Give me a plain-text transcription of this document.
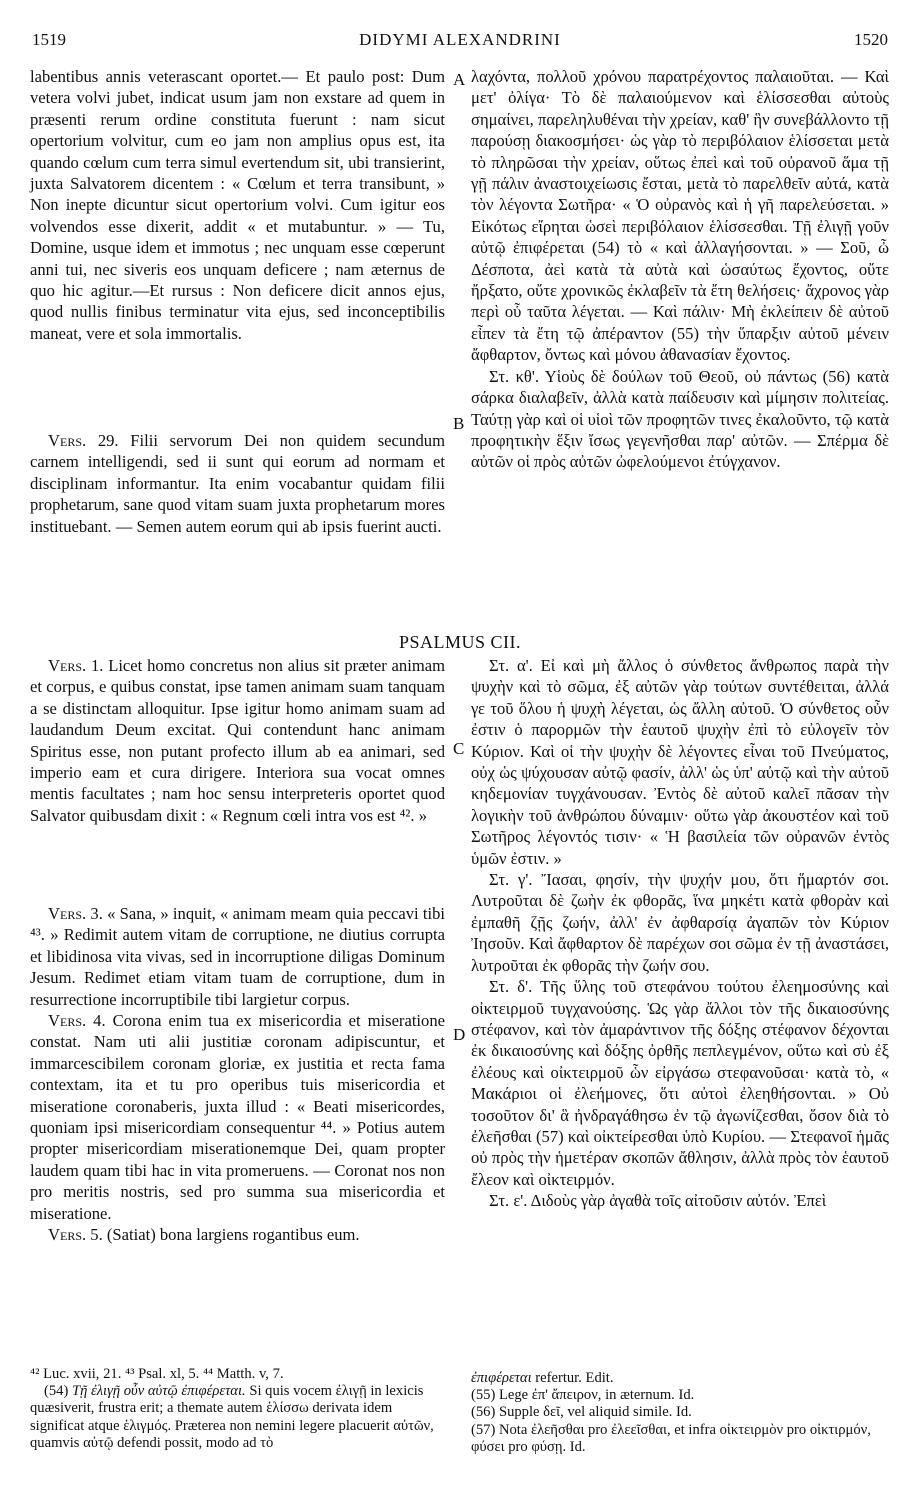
1519	DIDYMI ALEXANDRINI	1520

labentibus annis veterascant oportet.— Et paulo post: Dum vetera volvi jubet, indicat usum jam non exstare ad quem in præsenti rerum ordine constituta fuerunt : nam sicut opertorium volvitur, cum eo jam non amplius opus est, ita quando cœlum cum terra simul evertendum sit, ubi transierint, juxta Salvatorem dicentem : « Cœlum et terra transibunt, » Non inepte dicuntur sicut opertorium volvi. Cum igitur eos volvendos esse dixerit, addit « et mutabuntur. » — Tu, Domine, usque idem et immotus ; nec unquam esse cœperunt anni tui, nec siveris eos unquam deficere ; nam æternus de quo hic agitur.—Et rursus : Non deficere dicit annos ejus, quod nullis finibus terminatur vita ejus, sed inconceptibilis maneat, vere et sola immortalis.

Vers. 29. Filii servorum Dei non quidem secundum carnem intelligendi, sed ii sunt qui eorum ad normam et disciplinam informantur. Ita enim vocabantur quidam filii prophetarum, sane quod vitam suam juxta prophetarum mores instituebant. — Semen autem eorum qui ab ipsis fuerint aucti.

λαχόντα, πολλοῦ χρόνου παρατρέχοντος παλαιοῦται. — Καὶ μετ' ὀλίγα· Τὸ δὲ παλαιούμενον καὶ ἑλίσσεσθαι αὐτοὺς σημαίνει, παρεληλυθέναι τὴν χρείαν, καθ' ἣν συνεβάλλοντο τῇ παρούσῃ διακοσμήσει· ὡς γὰρ τὸ περιβόλαιον ἑλίσσεται μετὰ τὸ πληρῶσαι τὴν χρείαν, οὕτως ἐπεὶ καὶ τοῦ οὐρανοῦ ἅμα τῇ γῇ πάλιν ἀναστοιχείωσις ἔσται, μετὰ τὸ παρελθεῖν αὐτά, κατὰ τὸν λέγοντα Σωτῆρα· « Ὁ οὐρανὸς καὶ ἡ γῆ παρελεύσεται. » Εἰκότως εἴρηται ὡσεὶ περιβόλαιον ἑλίσσεσθαι. Τῇ ἐλιγῇ γοῦν αὐτῷ ἐπιφέρεται (54) τὸ « καὶ ἀλλαγήσονται. » — Σοῦ, ὦ Δέσποτα, ἀεὶ κατὰ τὰ αὐτὰ καὶ ὡσαύτως ἔχοντος, οὔτε ἤρξατο, οὔτε χρονικῶς ἐκλαβεῖν τὰ ἔτη θελήσεις· ἄχρονος γὰρ περὶ οὗ ταῦτα λέγεται. — Καὶ πάλιν· Μὴ ἐκλείπειν δὲ αὐτοῦ εἶπεν τὰ ἔτη τῷ ἀπέραντον (55) τὴν ὕπαρξιν αὐτοῦ μένειν ἄφθαρτον, ὄντως καὶ μόνου ἀθανασίαν ἔχοντος.

Στ. κθ'. Υἱοὺς δὲ δούλων τοῦ Θεοῦ, οὐ πάντως (56) κατὰ σάρκα διαλαβεῖν, ἀλλὰ κατὰ παίδευσιν καὶ μίμησιν πολιτείας. Ταύτῃ γὰρ καὶ οἱ υἱοὶ τῶν προφητῶν τινες ἐκαλοῦντο, τῷ κατὰ προφητικὴν ἕξιν ἴσως γεγενῆσθαι παρ' αὐτῶν. — Σπέρμα δὲ αὐτῶν οἱ πρὸς αὐτῶν ὠφελούμενοι ἐτύγχανον.

A
B
C
D
PSALMUS CII.

Vers. 1. Licet homo concretus non alius sit præter animam et corpus, e quibus constat, ipse tamen animam suam tanquam a se distinctam alloquitur. Ipse igitur homo animam suam ad laudandum Deum excitat. Qui contendunt hanc animam Spiritus esse, non putant profecto illum ab ea animari, sed imperio eam et cura dirigere. Interiora sua vocat omnes mentis facultates ; nam hoc sensu interpreteris oportet quod Salvator quibusdam dixit : « Regnum cœli intra vos est ⁴². »

Vers. 3. « Sana, » inquit, « animam meam quia peccavi tibi ⁴³. » Redimit autem vitam de corruptione, ne diutius corrupta et libidinosa vita vivas, sed in incorruptione diligas Dominum Jesum. Redimet etiam vitam tuam de corruptione, dum in resurrectione incorruptibile tibi largietur corpus.

Vers. 4. Corona enim tua ex misericordia et miseratione constat. Nam uti alii justitiæ coronam adipiscuntur, et immarcescibilem coronam gloriæ, ex justitia et recta fama contextam, ita et tu pro operibus tuis misericordia et miseratione coronaberis, juxta illud : « Beati misericordes, quoniam ipsi misericordiam consequentur ⁴⁴. » Potius autem propter misericordiam miserationemque Dei, quam propter laudem quam tibi hac in vita promeruens. — Coronat nos non pro meritis nostris, sed pro summa sua misericordia et miseratione.

Vers. 5. (Satiat) bona largiens rogantibus eum.

Στ. α'. Εἰ καὶ μὴ ἄλλος ὁ σύνθετος ἄνθρωπος παρὰ τὴν ψυχὴν καὶ τὸ σῶμα, ἐξ αὐτῶν γὰρ τούτων συντέθειται, ἀλλά γε τοῦ ὅλου ἡ ψυχὴ λέγεται, ὡς ἄλλη αὐτοῦ. Ὁ σύνθετος οὖν ἐστιν ὁ παρορμῶν τὴν ἑαυτοῦ ψυχὴν ἐπὶ τὸ εὐλογεῖν τὸν Κύριον. Καὶ οἱ τὴν ψυχὴν δὲ λέγοντες εἶναι τοῦ Πνεύματος, οὐχ ὡς ψύχουσαν αὐτῷ φασίν, ἀλλ' ὡς ὑπ' αὐτῷ καὶ τὴν αὐτοῦ κηδεμονίαν τυγχάνουσαν. Ἐντὸς δὲ αὐτοῦ καλεῖ πᾶσαν τὴν λογικὴν τοῦ ἀνθρώπου δύναμιν· οὕτω γὰρ ἀκουστέον καὶ τοῦ Σωτῆρος λέγοντός τισιν· « Ἡ βασιλεία τῶν οὐρανῶν ἐντὸς ὑμῶν ἐστιν. »

Στ. γ'. Ἴασαι, φησίν, τὴν ψυχήν μου, ὅτι ἥμαρτόν σοι. Λυτροῦται δὲ ζωὴν ἐκ φθορᾶς, ἵνα μηκέτι κατὰ φθορὰν καὶ ἐμπαθῆ ζῇς ζωήν, ἀλλ' ἐν ἀφθαρσίᾳ ἀγαπῶν τὸν Κύριον Ἰησοῦν. Καὶ ἄφθαρτον δὲ παρέχων σοι σῶμα ἐν τῇ ἀναστάσει, λυτροῦται ἐκ φθορᾶς τὴν ζωήν σου.

Στ. δ'. Τῆς ὕλης τοῦ στεφάνου τούτου ἐλεημοσύνης καὶ οἰκτειρμοῦ τυγχανούσης. Ὡς γὰρ ἄλλοι τὸν τῆς δικαιοσύνης στέφανον, καὶ τὸν ἀμαράντινον τῆς δόξης στέφανον δέχονται ἐκ δικαιοσύνης καὶ δόξης ὀρθῆς πεπλεγμένον, οὕτω καὶ σὺ ἐξ ἐλέους καὶ οἰκτειρμοῦ ὧν εἰργάσω στεφανοῦσαι· κατὰ τὸ, « Μακάριοι οἱ ἐλεήμονες, ὅτι αὐτοὶ ἐλεηθήσονται. » Οὐ τοσοῦτον δι' ἃ ἠνδραγάθησω ἐν τῷ ἀγωνίζεσθαι, ὅσον διὰ τὸ ἐλεῆσθαι (57) καὶ οἰκτείρεσθαι ὑπὸ Κυρίου. — Στεφανοῖ ἡμᾶς οὐ πρὸς τὴν ἡμετέραν σκοπῶν ἄθλησιν, ἀλλὰ πρὸς τὸν ἑαυτοῦ ἔλεον καὶ οἰκτειρμόν.

Στ. ε'. Διδοὺς γὰρ ἀγαθὰ τοῖς αἰτοῦσιν αὐτόν. Ἐπεὶ

⁴² Luc. xvii, 21. ⁴³ Psal. xl, 5. ⁴⁴ Matth. v, 7.

(54) Τῇ ἐλιγῇ οὖν αὐτῷ ἐπιφέρεται. Si quis vocem ἐλιγῇ in lexicis quæsiverit, frustra erit; a themate autem ἑλίσσω derivata idem significat atque ἑλιγμός. Præterea non nemini legere placuerit αὐτῶν, quamvis αὐτῷ defendi possit, modo ad τὸ

ἐπιφέρεται refertur. Edit.

(55) Lege ἐπ' ἄπειρον, in æternum. Id.

(56) Supple δεῖ, vel aliquid simile. Id.

(57) Nota ἐλεῆσθαι pro ἐλεεῖσθαι, et infra οἰκτειρμὸν pro οἰκτιρμόν, φύσει pro φύσῃ. Id.
